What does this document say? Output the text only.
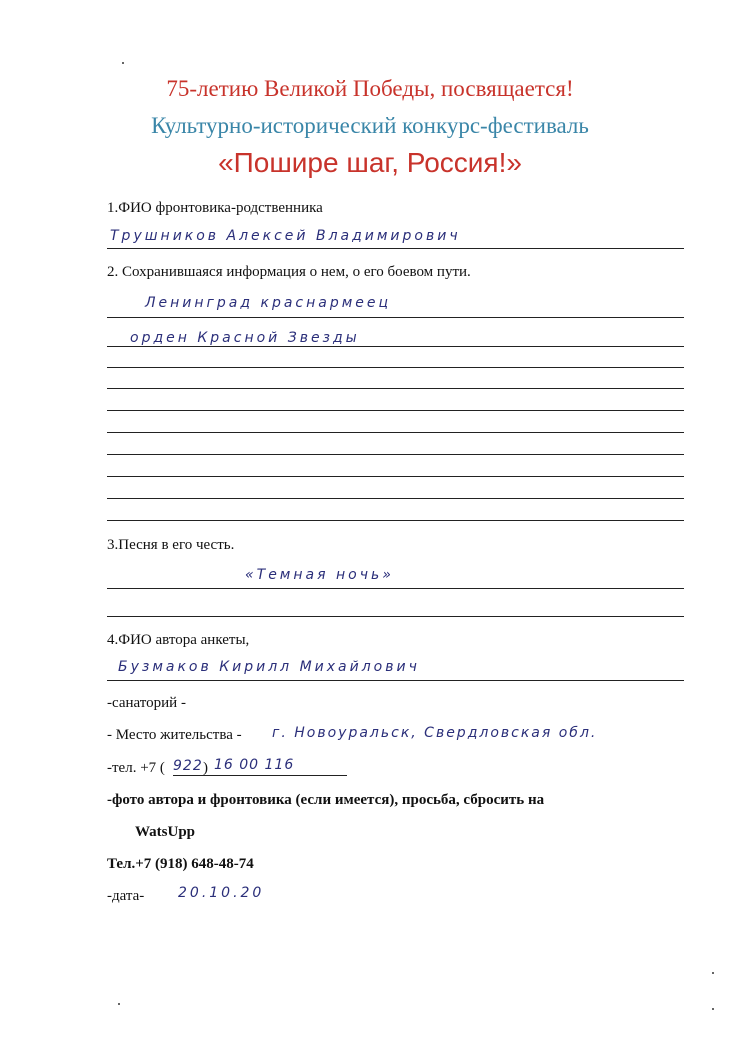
75-летию Великой Победы, посвящается!
Культурно-исторический конкурс-фестиваль
«Пошире шаг, Россия!»
1.ФИО фронтовика-родственника
Трушников Алексей Владимирович
2. Сохранившаяся информация о нем, о его боевом пути.
Ленинград краснармеец
орден Красной Звезды
3.Песня в его честь.
«Темная ночь»
4.ФИО автора анкеты,
Бузмаков Кирилл Михайлович
-санаторий -
- Место жительства - г. Новоуральск, Свердловская обл.
-тел. +7 ( 922 ) 16 00 116
-фото автора и фронтовика (если имеется), просьба, сбросить на
WatsUpp
Тел.+7 (918) 648-48-74
-дата- 20.10.20
